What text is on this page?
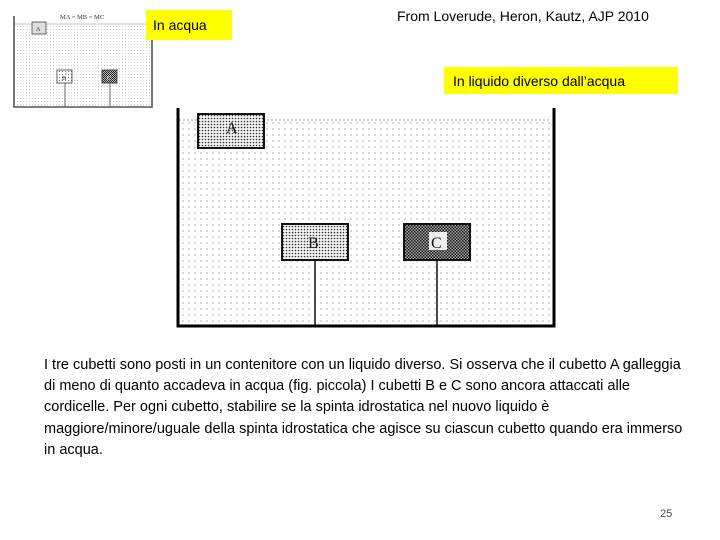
MA = MB = MC
A
B	C
In acqua
From Loverude, Heron, Kautz, AJP 2010
In liquido diverso dall’acqua
A
B	C

I tre cubetti sono posti in un contenitore con un liquido diverso. Si osserva che il cubetto A galleggia di meno di quanto accadeva in acqua (fig. piccola) I cubetti B e C sono ancora attaccati alle cordicelle. Per ogni cubetto, stabilire se la spinta idrostatica nel nuovo liquido è maggiore/minore/uguale della spinta idrostatica che agisce su ciascun cubetto quando era immerso in acqua.

25
